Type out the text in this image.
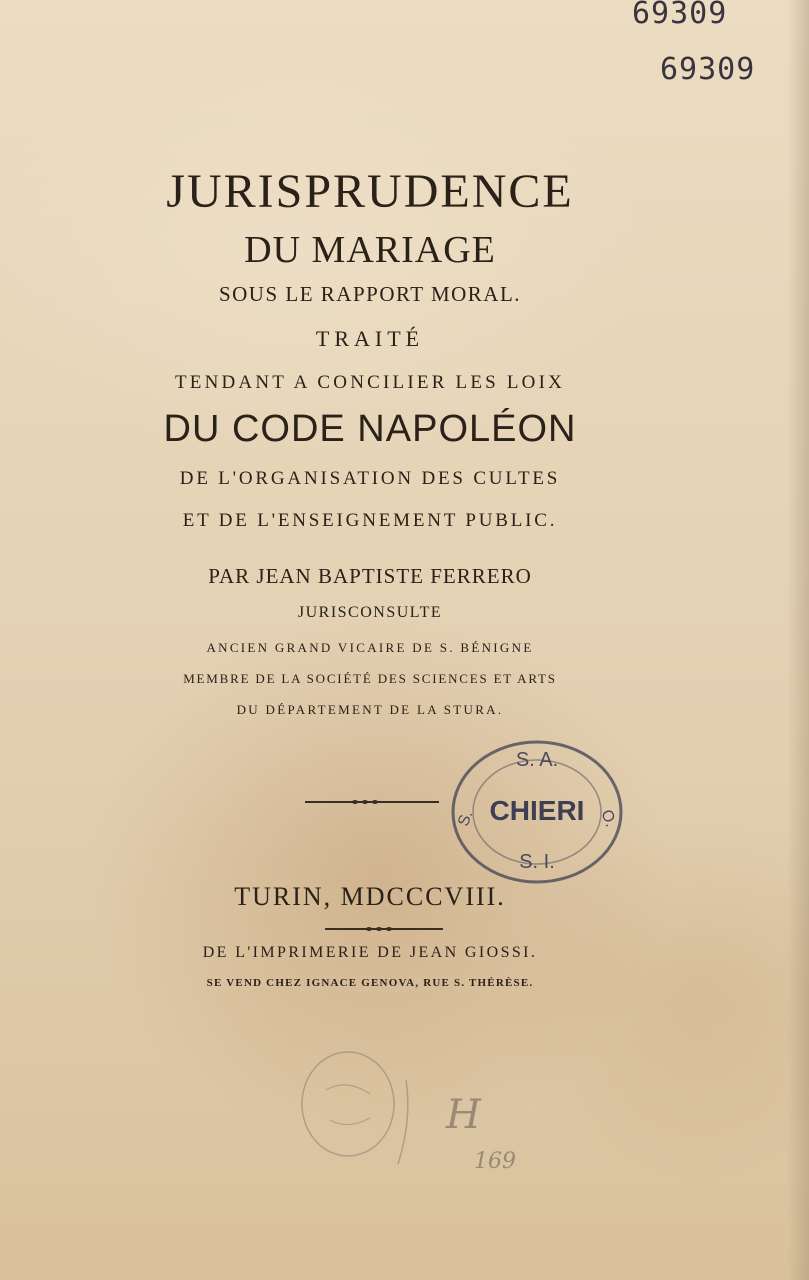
69309
69309
JURISPRUDENCE
DU MARIAGE
SOUS LE RAPPORT MORAL.
TRAITÉ
TENDANT A CONCILIER LES LOIX
DU CODE NAPOLÉON
DE L'ORGANISATION DES CULTES
ET DE L'ENSEIGNEMENT PUBLIC.
PAR JEAN BAPTISTE FERRERO
JURISCONSULTE
ANCIEN GRAND VICAIRE DE S. BÉNIGNE
MEMBRE DE LA SOCIÉTÉ DES SCIENCES ET ARTS
DU DÉPARTEMENT DE LA STURA.
TURIN, MDCCCVIII.
DE L'IMPRIMERIE DE JEAN GIOSSI.
SE VEND CHEZ IGNACE GENOVA, RUE S. THÉRÈSE.
S. A.
CHIERI
S. I.
S.	O.
H
169
